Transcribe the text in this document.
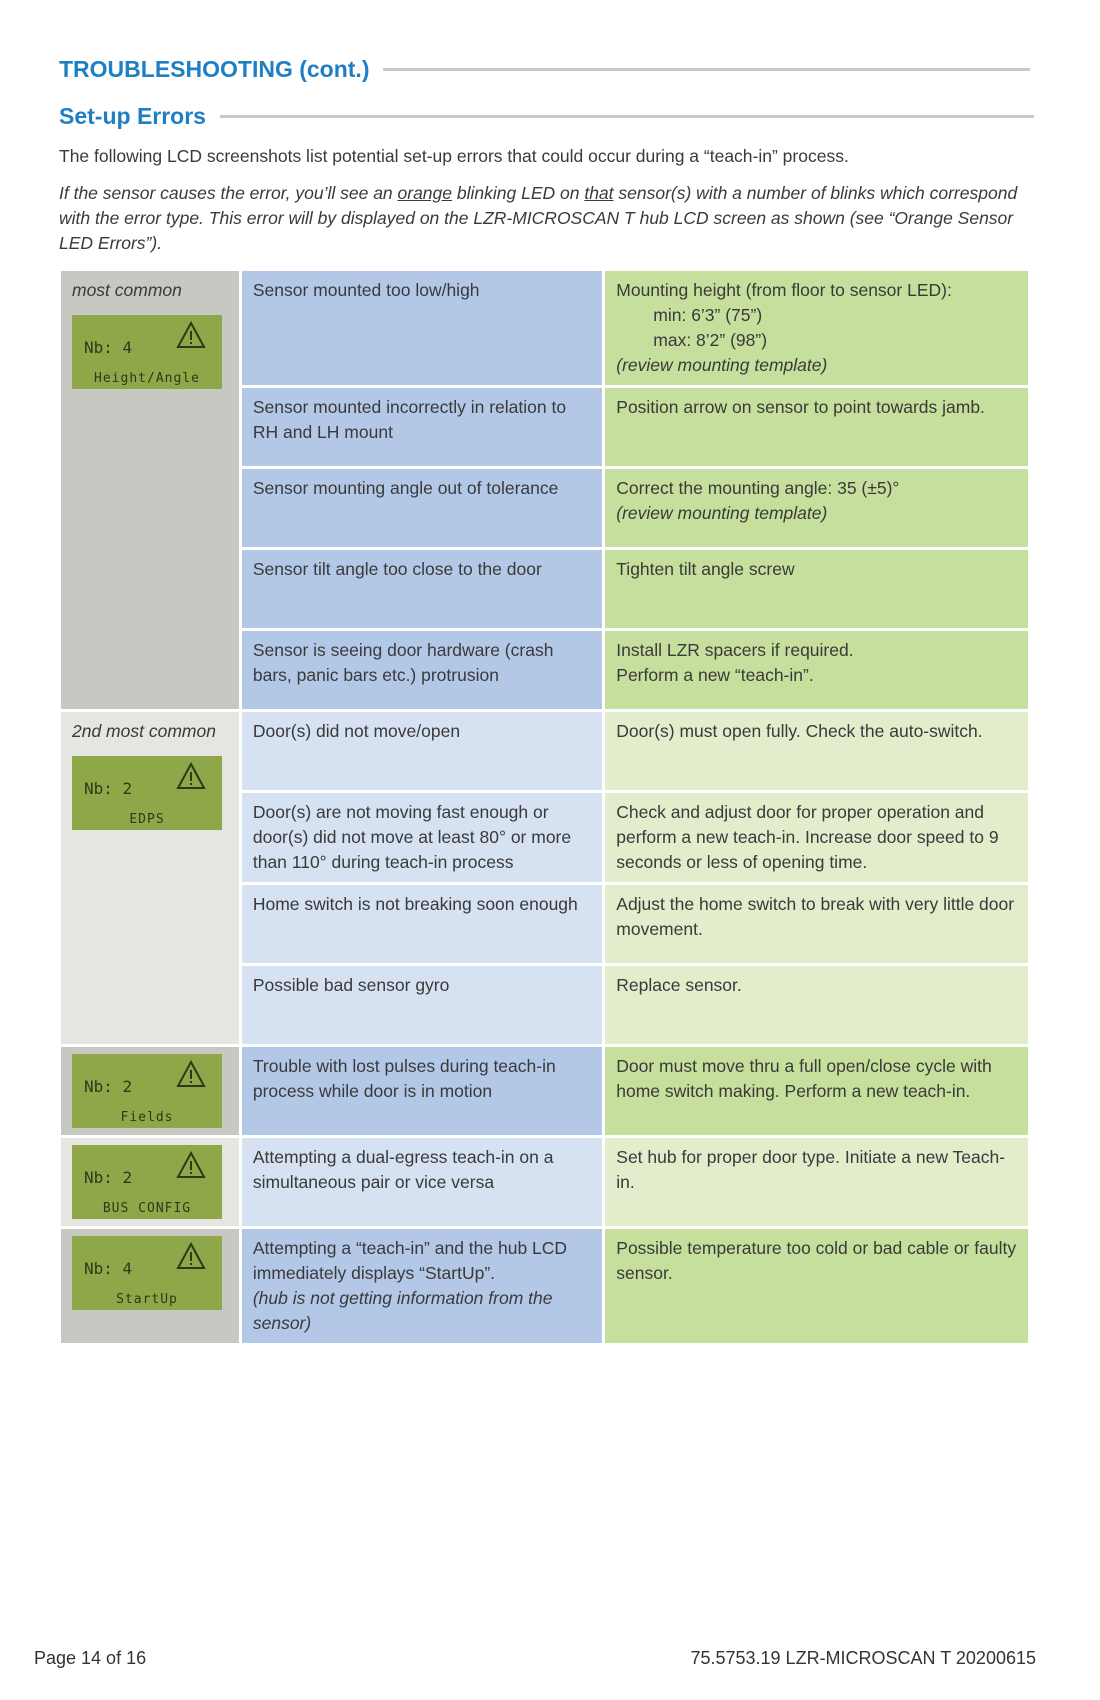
TROUBLESHOOTING (cont.)
Set-up Errors

The following LCD screenshots list potential set-up errors that could occur during a “teach-in” process.

If the sensor causes the error, you’ll see an orange blinking LED on that sensor(s) with a number of blinks which correspond with the error type. This error will by displayed on the LZR-MICROSCAN T hub LCD screen as shown (see “Orange Sensor LED Errors”).

most common
Nb: 4
Height/Angle	Sensor mounted too low/high	Mounting height (from floor to sensor LED):
min: 6’3” (75”)
max: 8’2” (98”)
(review mounting template)
	Sensor mounted incorrectly in relation to RH and LH mount	Position arrow on sensor to point towards jamb.
	Sensor mounting angle out of tolerance	Correct the mounting angle: 35 (±5)°
(review mounting template)
	Sensor tilt angle too close to the door	Tighten tilt angle screw
	Sensor is seeing door hardware (crash bars, panic bars etc.) protrusion	Install LZR spacers if required.
Perform a new “teach-in”.

2nd most common
Nb: 2
EDPS	Door(s) did not move/open	Door(s) must open fully. Check the auto-switch.
	Door(s) are not moving fast enough or door(s) did not move at least 80° or more than 110° during teach-in process	Check and adjust door for proper operation and perform a new teach-in. Increase door speed to 9 seconds or less of opening time.
	Home switch is not breaking soon enough	Adjust the home switch to break with very little door movement.
	Possible bad sensor gyro	Replace sensor.

Nb: 2
Fields	Trouble with lost pulses during teach-in process while door is in motion	Door must move thru a full open/close cycle with home switch making. Perform a new teach-in.

Nb: 2
BUS CONFIG	Attempting a dual-egress teach-in on a simultaneous pair or vice versa	Set hub for proper door type. Initiate a new Teach-in.

Nb: 4
StartUp	Attempting a “teach-in” and the hub LCD immediately displays “StartUp”.
(hub is not getting information from the sensor)	Possible temperature too cold or bad cable or faulty sensor.
Page 14 of 16	75.5753.19 LZR-MICROSCAN T 20200615
